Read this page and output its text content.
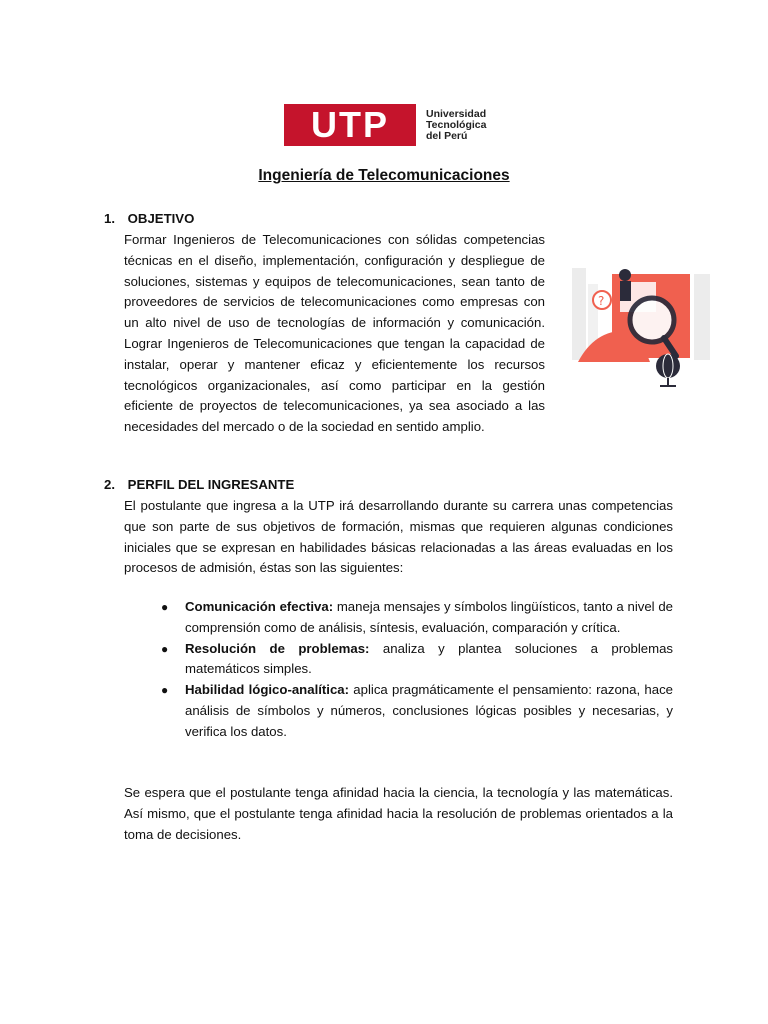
UTP	Universidad
Tecnológica
del Perú
Ingeniería de Telecomunicaciones
1. OBJETIVO
Formar Ingenieros de Telecomunicaciones con sólidas competencias técnicas en el diseño, implementación, configuración y despliegue de soluciones, sistemas y equipos de telecomunicaciones, sean tanto de proveedores de servicios de telecomunicaciones como empresas con un alto nivel de uso de tecnologías de información y comunicación. Lograr Ingenieros de Telecomunicaciones que tengan la capacidad de instalar, operar y mantener eficaz y eficientemente los recursos tecnológicos organizacionales, así como participar en la gestión eficiente de proyectos de telecomunicaciones, ya sea asociado a las necesidades del mercado o de la sociedad en sentido amplio.
?
2. PERFIL DEL INGRESANTE
El postulante que ingresa a la UTP irá desarrollando durante su carrera unas competencias que son parte de sus objetivos de formación, mismas que requieren algunas condiciones iniciales que se expresan en habilidades básicas relacionadas a las áreas evaluadas en los procesos de admisión, éstas son las siguientes:
● Comunicación efectiva: maneja mensajes y símbolos lingüísticos, tanto a nivel de comprensión como de análisis, síntesis, evaluación, comparación y crítica.
● Resolución de problemas: analiza y plantea soluciones a problemas matemáticos simples.
● Habilidad lógico-analítica: aplica pragmáticamente el pensamiento: razona, hace análisis de símbolos y números, conclusiones lógicas posibles y necesarias, y verifica los datos.
Se espera que el postulante tenga afinidad hacia la ciencia, la tecnología y las matemáticas. Así mismo, que el postulante tenga afinidad hacia la resolución de problemas orientados a la toma de decisiones.
